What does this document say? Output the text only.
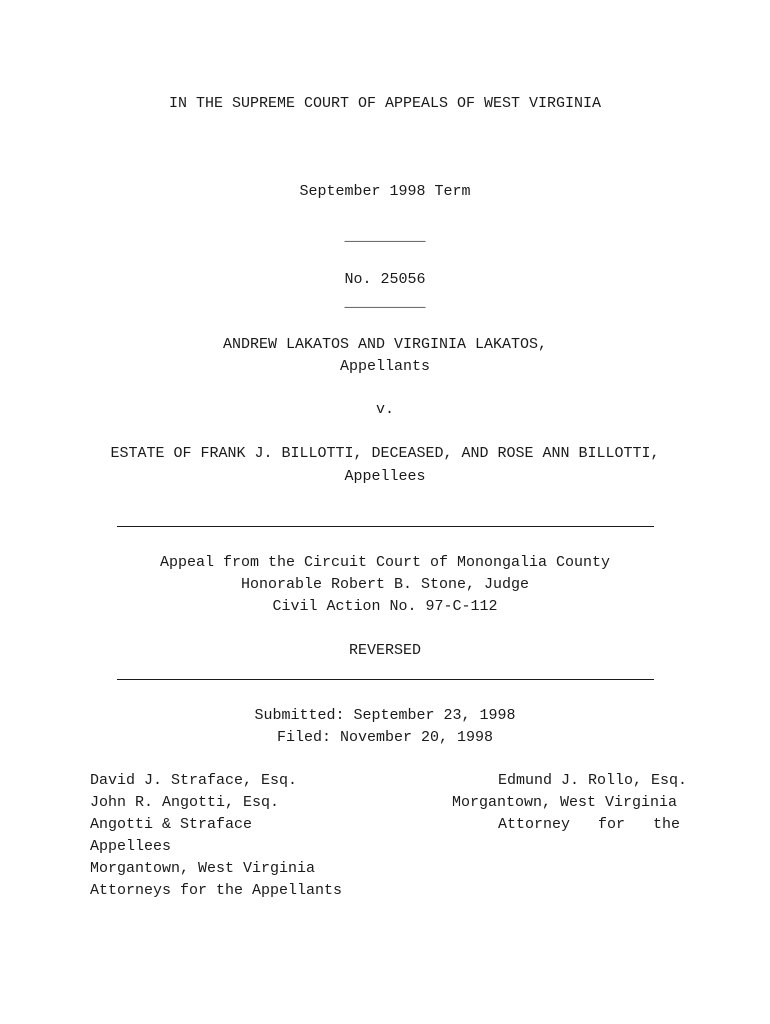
IN THE SUPREME COURT OF APPEALS OF WEST VIRGINIA
September 1998 Term
_________
No. 25056
_________
ANDREW LAKATOS AND VIRGINIA LAKATOS,
Appellants
v.
ESTATE OF FRANK J. BILLOTTI, DECEASED, AND ROSE ANN BILLOTTI,
Appellees
Appeal from the Circuit Court of Monongalia County
Honorable Robert B. Stone, Judge
Civil Action No. 97-C-112
REVERSED
Submitted: September 23, 1998
Filed: November 20, 1998
David J. Straface, Esq.
John R. Angotti, Esq.
Angotti & Straface
Appellees
Morgantown, West Virginia
Attorneys for the Appellants
Edmund J. Rollo, Esq.
Morgantown, West Virginia
Attorney for the
